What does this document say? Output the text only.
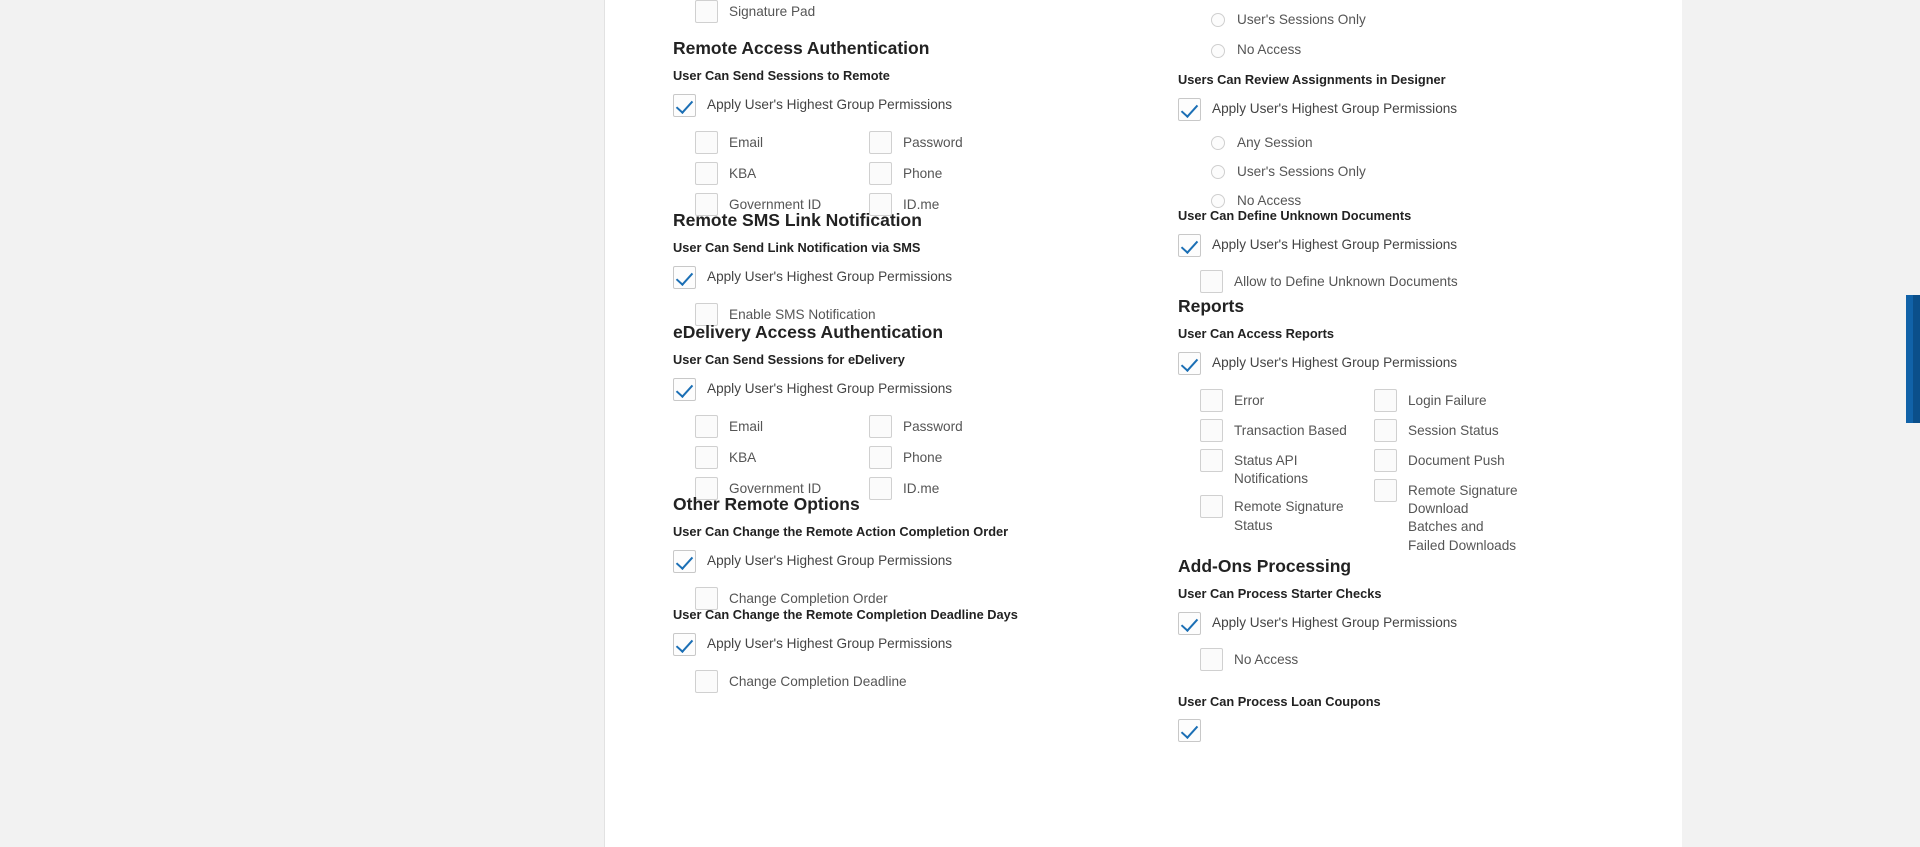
Signature Pad
Remote Access Authentication
User Can Send Sessions to Remote
Apply User's Highest Group Permissions
Email
KBA
Government ID
Password
Phone
ID.me
Remote SMS Link Notification
User Can Send Link Notification via SMS
Apply User's Highest Group Permissions
Enable SMS Notification
eDelivery Access Authentication
User Can Send Sessions for eDelivery
Apply User's Highest Group Permissions
Email
KBA
Government ID
Password
Phone
ID.me
Other Remote Options
User Can Change the Remote Action Completion Order
Apply User's Highest Group Permissions
Change Completion Order
User Can Change the Remote Completion Deadline Days
Apply User's Highest Group Permissions
Change Completion Deadline
User's Sessions Only
No Access
Users Can Review Assignments in Designer
Apply User's Highest Group Permissions
Any Session
User's Sessions Only
No Access
User Can Define Unknown Documents
Apply User's Highest Group Permissions
Allow to Define Unknown Documents
Reports
User Can Access Reports
Apply User's Highest Group Permissions
Error
Transaction Based
Status API Notifications
Remote Signature Status
Login Failure
Session Status
Document Push
Remote Signature Download Batches and Failed Downloads
Add-Ons Processing
User Can Process Starter Checks
Apply User's Highest Group Permissions
No Access
User Can Process Loan Coupons
